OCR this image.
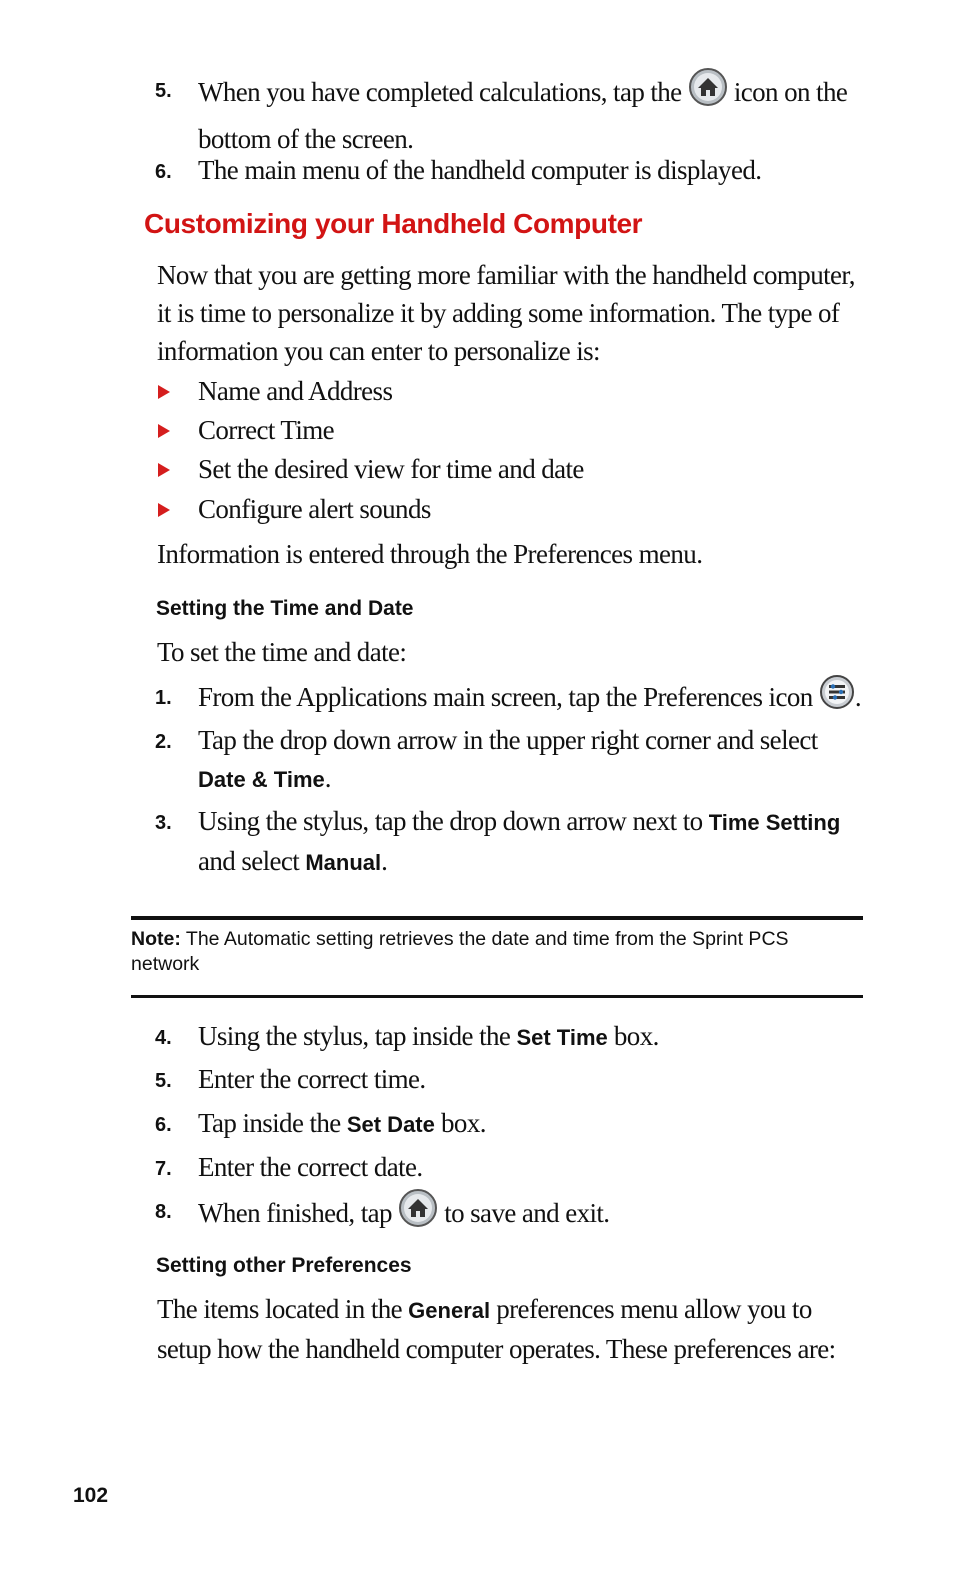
5. When you have completed calculations, tap the icon on the bottom of the screen.
6. The main menu of the handheld computer is displayed.
Customizing your Handheld Computer
Now that you are getting more familiar with the handheld computer, it is time to personalize it by adding some information. The type of information you can enter to personalize is:
Name and Address
Correct Time
Set the desired view for time and date
Configure alert sounds
Information is entered through the Preferences menu.
Setting the Time and Date
To set the time and date:
1. From the Applications main screen, tap the Preferences icon .
2. Tap the drop down arrow in the upper right corner and select Date & Time.
3. Using the stylus, tap the drop down arrow next to Time Setting and select Manual.
Note: The Automatic setting retrieves the date and time from the Sprint PCS network
4. Using the stylus, tap inside the Set Time box.
5. Enter the correct time.
6. Tap inside the Set Date box.
7. Enter the correct date.
8. When finished, tap to save and exit.
Setting other Preferences
The items located in the General preferences menu allow you to setup how the handheld computer operates. These preferences are:
102
